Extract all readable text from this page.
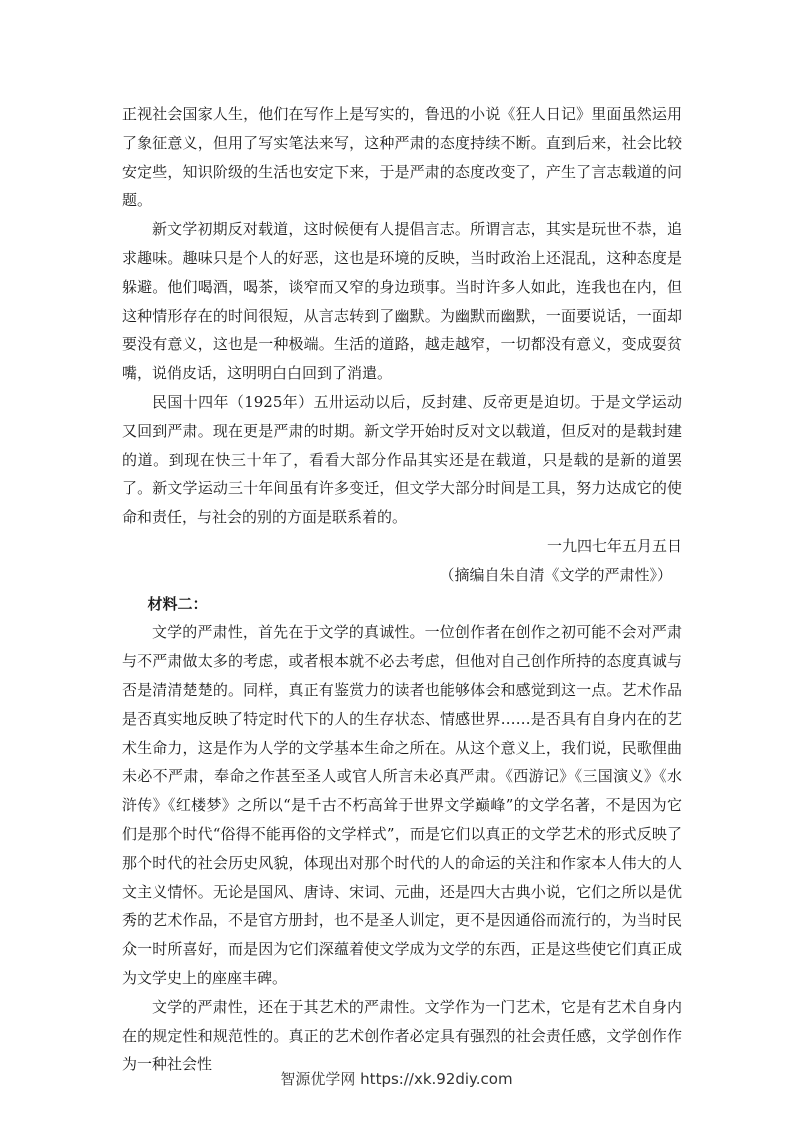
正视社会国家人生，他们在写作上是写实的，鲁迅的小说《狂人日记》里面虽然运用了象征意义，但用了写实笔法来写，这种严肃的态度持续不断。直到后来，社会比较安定些，知识阶级的生活也安定下来，于是严肃的态度改变了，产生了言志载道的问题。

新文学初期反对载道，这时候便有人提倡言志。所谓言志，其实是玩世不恭，追求趣味。趣味只是个人的好恶，这也是环境的反映，当时政治上还混乱，这种态度是躲避。他们喝酒，喝茶，谈窄而又窄的身边琐事。当时许多人如此，连我也在内，但这种情形存在的时间很短，从言志转到了幽默。为幽默而幽默，一面要说话，一面却要没有意义，这也是一种极端。生活的道路，越走越窄，一切都没有意义，变成耍贫嘴，说俏皮话，这明明白白回到了消遣。

民国十四年（1925年）五卅运动以后，反封建、反帝更是迫切。于是文学运动又回到严肃。现在更是严肃的时期。新文学开始时反对文以载道，但反对的是载封建的道。到现在快三十年了，看看大部分作品其实还是在载道，只是载的是新的道罢了。新文学运动三十年间虽有许多变迁，但文学大部分时间是工具，努力达成它的使命和责任，与社会的别的方面是联系着的。

一九四七年五月五日

（摘编自朱自清《文学的严肃性》）

材料二：

文学的严肃性，首先在于文学的真诚性。一位创作者在创作之初可能不会对严肃与不严肃做太多的考虑，或者根本就不必去考虑，但他对自己创作所持的态度真诚与否是清清楚楚的。同样，真正有鉴赏力的读者也能够体会和感觉到这一点。艺术作品是否真实地反映了特定时代下的人的生存状态、情感世界……是否具有自身内在的艺术生命力，这是作为人学的文学基本生命之所在。从这个意义上，我们说，民歌俚曲未必不严肃，奉命之作甚至圣人或官人所言未必真严肃。《西游记》《三国演义》《水浒传》《红楼梦》之所以“是千古不朽高耸于世界文学巅峰”的文学名著，不是因为它们是那个时代“俗得不能再俗的文学样式”，而是它们以真正的文学艺术的形式反映了那个时代的社会历史风貌，体现出对那个时代的人的命运的关注和作家本人伟大的人文主义情怀。无论是国风、唐诗、宋词、元曲，还是四大古典小说，它们之所以是优秀的艺术作品，不是官方册封，也不是圣人训定，更不是因通俗而流行的，为当时民众一时所喜好，而是因为它们深蕴着使文学成为文学的东西，正是这些使它们真正成为文学史上的座座丰碑。

文学的严肃性，还在于其艺术的严肃性。文学作为一门艺术，它是有艺术自身内在的规定性和规范性的。真正的艺术创作者必定具有强烈的社会责任感，文学创作作为一种社会性

智源优学网 https://xk.92diy.com
